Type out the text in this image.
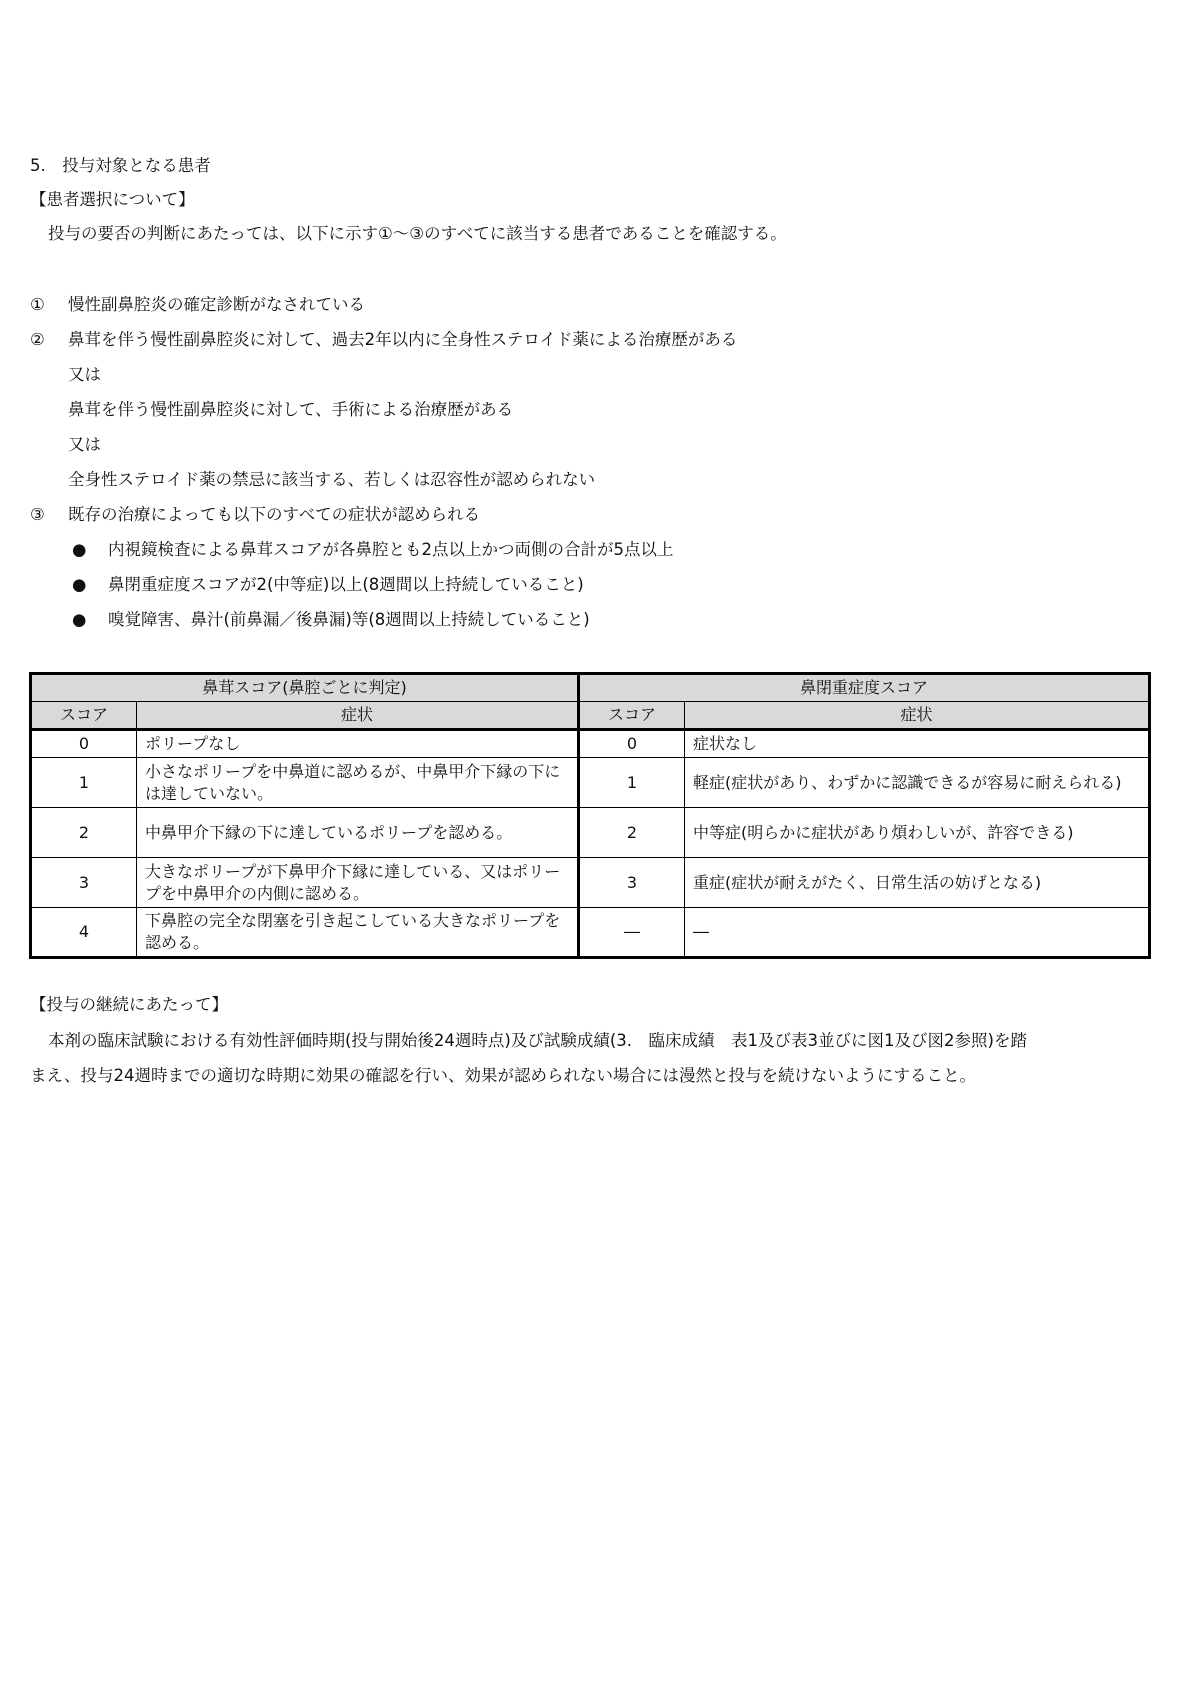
5.　投与対象となる患者
【患者選択について】
投与の要否の判断にあたっては、以下に示す①～③のすべてに該当する患者であることを確認する。
① 慢性副鼻腔炎の確定診断がなされている
② 鼻茸を伴う慢性副鼻腔炎に対して、過去2年以内に全身性ステロイド薬による治療歴がある
又は
鼻茸を伴う慢性副鼻腔炎に対して、手術による治療歴がある
又は
全身性ステロイド薬の禁忌に該当する、若しくは忍容性が認められない
③ 既存の治療によっても以下のすべての症状が認められる
● 内視鏡検査による鼻茸スコアが各鼻腔とも2点以上かつ両側の合計が5点以上
● 鼻閉重症度スコアが2(中等症)以上(8週間以上持続していること)
● 嗅覚障害、鼻汁(前鼻漏／後鼻漏)等(8週間以上持続していること)
鼻茸スコア(鼻腔ごとに判定)		鼻閉重症度スコア	
スコア	症状	スコア	症状
0	ポリープなし	0	症状なし
1	小さなポリープを中鼻道に認めるが、中鼻甲介下縁の下には達していない。	1	軽症(症状があり、わずかに認識できるが容易に耐えられる)
2	中鼻甲介下縁の下に達しているポリープを認める。	2	中等症(明らかに症状があり煩わしいが、許容できる)
3	大きなポリープが下鼻甲介下縁に達している、又はポリープを中鼻甲介の内側に認める。	3	重症(症状が耐えがたく、日常生活の妨げとなる)
4	下鼻腔の完全な閉塞を引き起こしている大きなポリープを認める。	―	―
【投与の継続にあたって】
本剤の臨床試験における有効性評価時期(投与開始後24週時点)及び試験成績(3.　臨床成績　表1及び表3並びに図1及び図2参照)を踏
まえ、投与24週時までの適切な時期に効果の確認を行い、効果が認められない場合には漫然と投与を続けないようにすること。
